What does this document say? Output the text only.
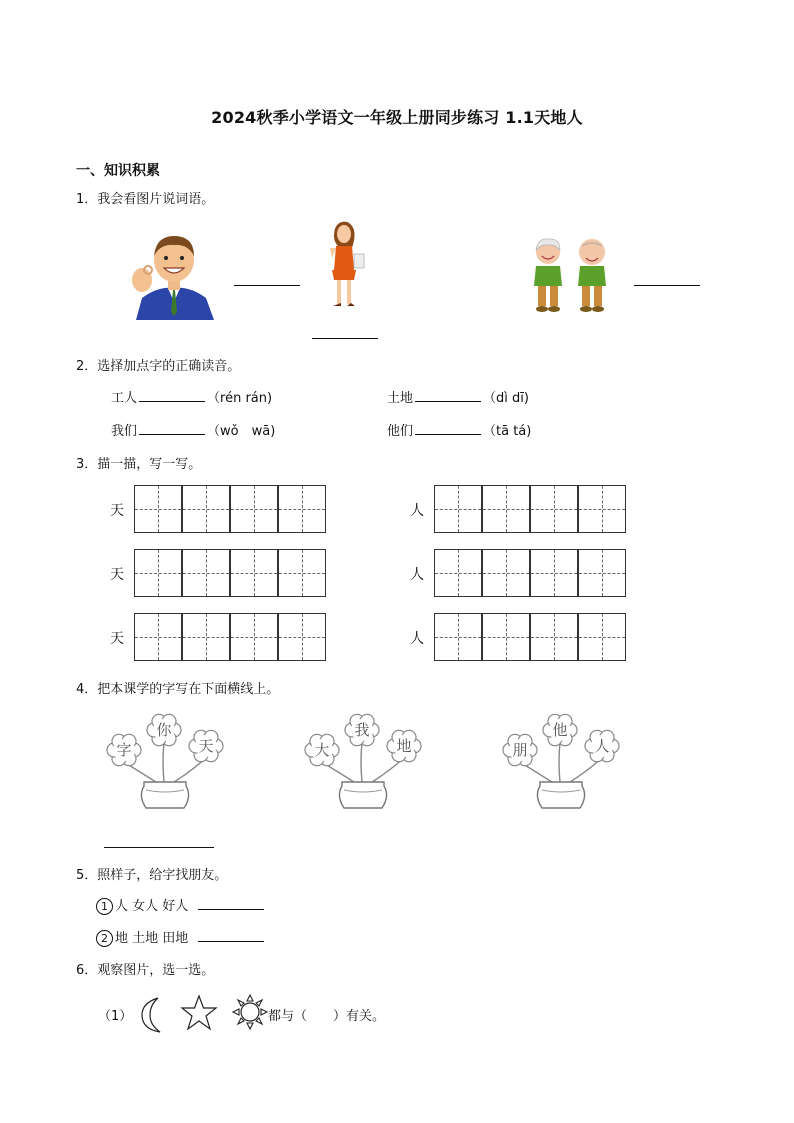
2024秋季小学语文一年级上册同步练习 1.1天地人
一、知识积累
1．我会看图片说词语。
2．选择加点字的正确读音。
工人	（rén rán)	土地	（dì dī)
我们	（wǒ　wā)	他们	（tā tá)
3．描一描，写一写。
天	人
天	人
天	人
4．把本课学的字写在下面横线上。
字
你
天	大
我
地	朋
他
人
5．照样子，给字找朋友。
1 人 女人 好人
2 地 土地 田地
6．观察图片，选一选。
（1）	都与（　　）有关。
